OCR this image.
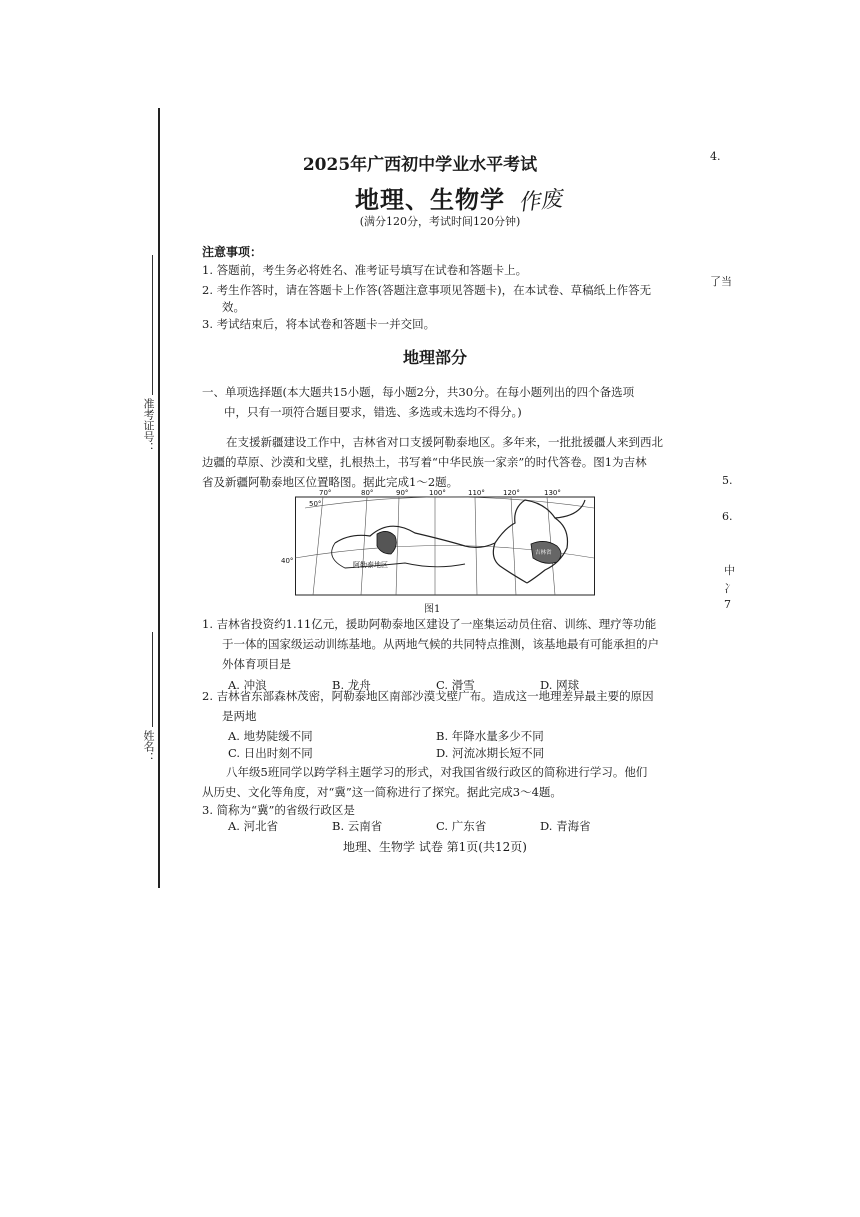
准考证号：
姓名：
2025年广西初中学业水平考试
地理、生物学 作废
(满分120分，考试时间120分钟)
注意事项：
1. 答题前，考生务必将姓名、准考证号填写在试卷和答题卡上。
2. 考生作答时，请在答题卡上作答(答题注意事项见答题卡)，在本试卷、草稿纸上作答无
效。
3. 考试结束后，将本试卷和答题卡一并交回。
地理部分
一、单项选择题(本大题共15小题，每小题2分，共30分。在每小题列出的四个备选项
中，只有一项符合题目要求，错选、多选或未选均不得分。)
在支援新疆建设工作中，吉林省对口支援阿勒泰地区。多年来，一批批援疆人来到西北
边疆的草原、沙漠和戈壁，扎根热土，书写着“中华民族一家亲”的时代答卷。图1为吉林
省及新疆阿勒泰地区位置略图。据此完成1～2题。
70°	80°	90°	100°	110°	120°	130°
50°
40°	阿勒泰地区
吉林省
图1
1. 吉林省投资约1.11亿元，援助阿勒泰地区建设了一座集运动员住宿、训练、理疗等功能
于一体的国家级运动训练基地。从两地气候的共同特点推测，该基地最有可能承担的户
外体育项目是
A. 冲浪	B. 龙舟	C. 滑雪	D. 网球
2. 吉林省东部森林茂密，阿勒泰地区南部沙漠戈壁广布。造成这一地理差异最主要的原因
是两地
A. 地势陡缓不同	B. 年降水量多少不同
C. 日出时刻不同	D. 河流冰期长短不同
八年级5班同学以跨学科主题学习的形式，对我国省级行政区的简称进行学习。他们
从历史、文化等角度，对“冀”这一简称进行了探究。据此完成3～4题。
3. 简称为“冀”的省级行政区是
A. 河北省	B. 云南省	C. 广东省	D. 青海省
地理、生物学 试卷 第1页(共12页)
4.
了当
5.
6.
中
冫
7
